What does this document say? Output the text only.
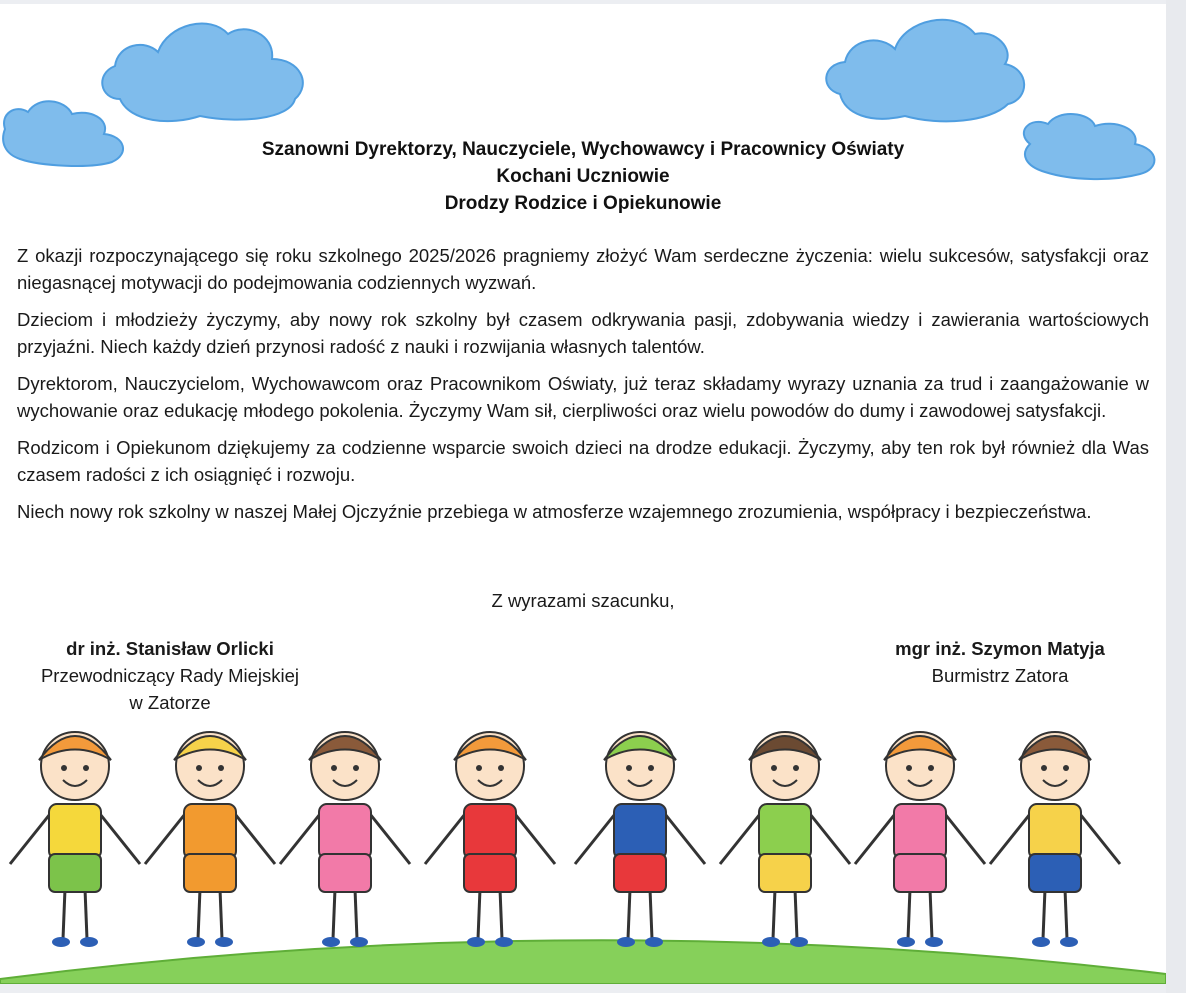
Szanowni Dyrektorzy, Nauczyciele, Wychowawcy i Pracownicy Oświaty
Kochani Uczniowie
Drodzy Rodzice i Opiekunowie

Z okazji rozpoczynającego się roku szkolnego 2025/2026 pragniemy złożyć Wam serdeczne życzenia: wielu sukcesów, satysfakcji oraz niegasnącej motywacji do podejmowania codziennych wyzwań.

Dzieciom i młodzieży życzymy, aby nowy rok szkolny był czasem odkrywania pasji, zdobywania wiedzy i zawierania wartościowych przyjaźni. Niech każdy dzień przynosi radość z nauki i rozwijania własnych talentów.

Dyrektorom, Nauczycielom, Wychowawcom oraz Pracownikom Oświaty, już teraz składamy wyrazy uznania za trud i zaangażowanie w wychowanie oraz edukację młodego pokolenia. Życzymy Wam sił, cierpliwości oraz wielu powodów do dumy i zawodowej satysfakcji.

Rodzicom i Opiekunom dziękujemy za codzienne wsparcie swoich dzieci na drodze edukacji. Życzymy, aby ten rok był również dla Was czasem radości z ich osiągnięć i rozwoju.

Niech nowy rok szkolny w naszej Małej Ojczyźnie przebiega w atmosferze wzajemnego zrozumienia, współpracy i bezpieczeństwa.

Z wyrazami szacunku,
dr inż. Stanisław Orlicki
Przewodniczący Rady Miejskiej
w Zatorze
mgr inż. Szymon Matyja
Burmistrz Zatora
